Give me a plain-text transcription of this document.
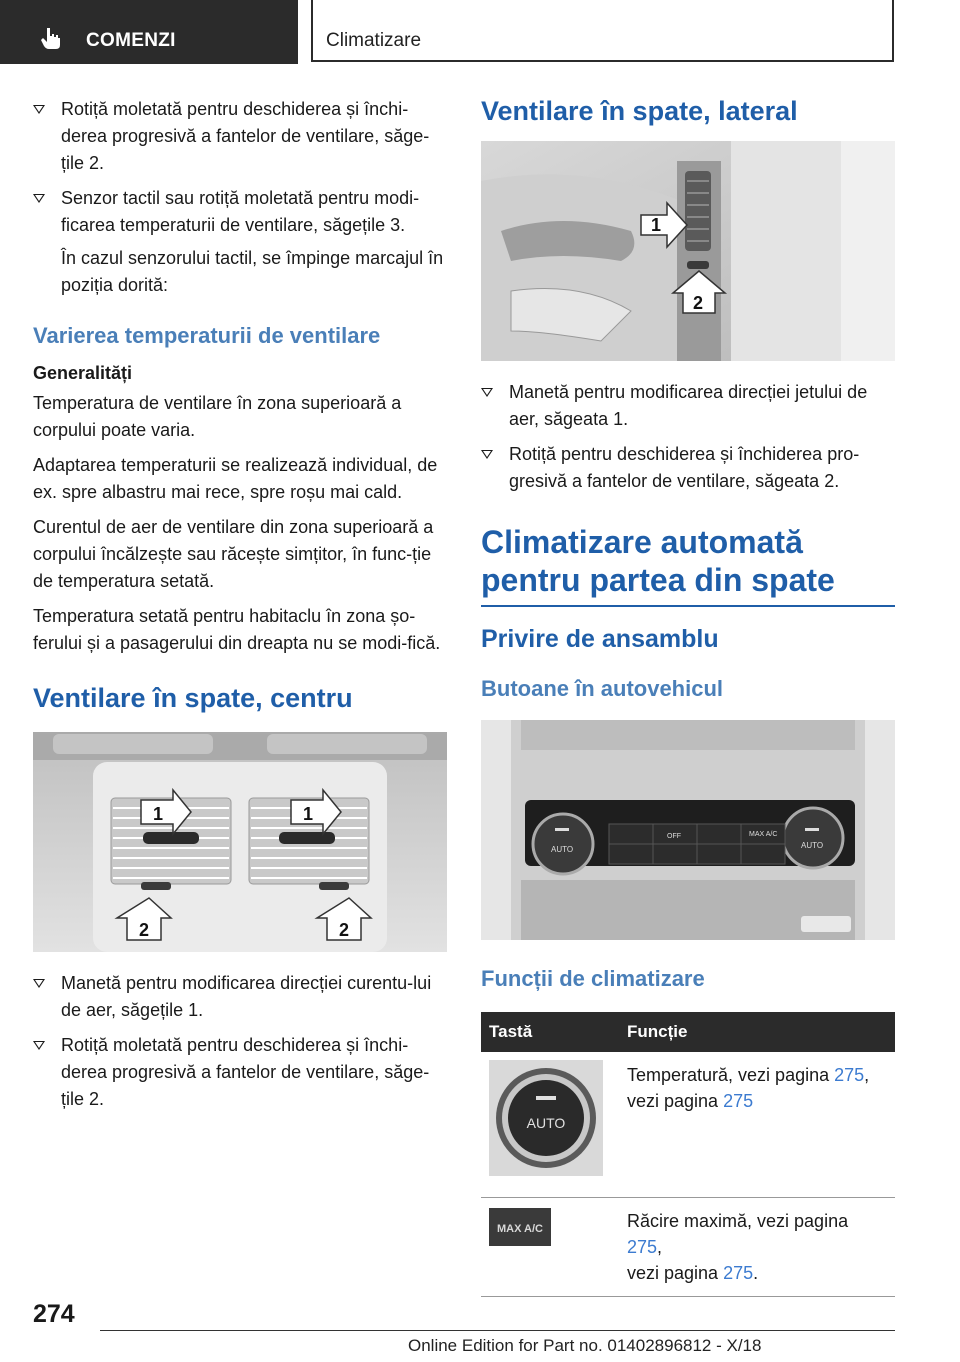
COMENZI	Climatizare
Rotiță moletată pentru deschiderea și închi-derea progresivă a fantelor de ventilare, săge-țile 2.
Senzor tactil sau rotiță moletată pentru modi-ficarea temperaturii de ventilare, săgețile 3.

În cazul senzorului tactil, se împinge marcajul în poziția dorită:

Varierea temperaturii de ventilare
Generalități

Temperatura de ventilare în zona superioară a corpului poate varia.

Adaptarea temperaturii se realizează individual, de ex. spre albastru mai rece, spre roșu mai cald.

Curentul de aer de ventilare din zona superioară a corpului încălzește sau răcește simțitor, în func-ție de temperatura setată.

Temperatura setată pentru habitaclu în zona șo-ferului și a pasagerului din dreapta nu se modi-fică.

Ventilare în spate, centru
1	1
2	2
Manetă pentru modificarea direcției curentu-lui de aer, săgețile 1.
Rotiță moletată pentru deschiderea și închi-derea progresivă a fantelor de ventilare, săge-țile 2.
Ventilare în spate, lateral
1
2
Manetă pentru modificarea direcției jetului de aer, săgeata 1.
Rotiță pentru deschiderea și închiderea pro-gresivă a fantelor de ventilare, săgeata 2.
Climatizare automată pentru partea din spate
Privire de ansamblu
Butoane în autovehicul
OFF	MAX A/C
AUTO	AUTO
Funcții de climatizare
Tastă	Funcție

AUTO	Temperatură, vezi pagina 275,
vezi pagina 275

MAX A/C	Răcire maximă, vezi pagina 275,
vezi pagina 275.
274
Online Edition for Part no. 01402896812 - X/18
